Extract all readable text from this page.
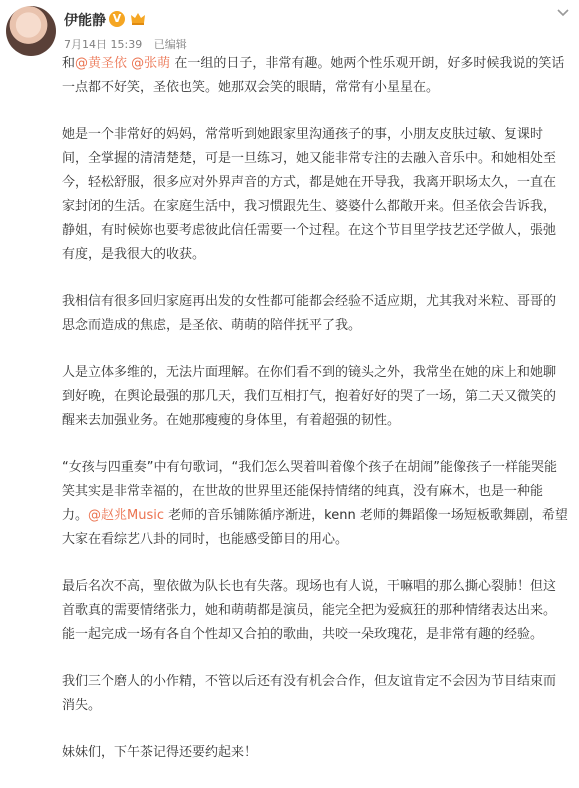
伊能静 V
7月14日 15:39 已编辑

和@黄圣依 @张萌 在一组的日子，非常有趣。她两个性乐观开朗，好多时候我说的笑话一点都不好笑，圣依也笑。她那双会笑的眼睛，常常有小星星在。

她是一个非常好的妈妈，常常听到她跟家里沟通孩子的事，小朋友皮肤过敏、复课时间，全掌握的清清楚楚，可是一旦练习，她又能非常专注的去融入音乐中。和她相处至今，轻松舒服，很多应对外界声音的方式，都是她在开导我，我离开职场太久，一直在家封闭的生活。在家庭生活中，我习惯跟先生、婆婆什么都敞开来。但圣依会告诉我，静姐，有时候妳也要考虑彼此信任需要一个过程。在这个节目里学技艺还学做人，張弛有度，是我很大的收获。

我相信有很多回归家庭再出发的女性都可能都会经验不适应期，尤其我对米粒、哥哥的思念而造成的焦虑，是圣依、萌萌的陪伴抚平了我。

人是立体多维的，无法片面理解。在你们看不到的镜头之外，我常坐在她的床上和她聊到好晚，在舆论最强的那几天，我们互相打气，抱着好好的哭了一场，第二天又微笑的醒来去加强业务。在她那瘦瘦的身体里，有着超强的韧性。

“女孩与四重奏”中有句歌词，“我们怎么哭着叫着像个孩子在胡闹”能像孩子一样能哭能笑其实是非常幸福的，在世故的世界里还能保持情绪的纯真，没有麻木，也是一种能力。@赵兆Music 老师的音乐铺陈循序渐进，kenn 老师的舞蹈像一场短板歌舞剧，希望大家在看综艺八卦的同时，也能感受節目的用心。

最后名次不高，聖依做为队长也有失落。现场也有人说，干嘛唱的那么撕心裂肺！但这首歌真的需要情绪张力，她和萌萌都是演员，能完全把为爱疯狂的那种情绪表达出来。能一起完成一场有各自个性却又合拍的歌曲，共咬一朵玫瑰花，是非常有趣的经验。

我们三个磨人的小作精，不管以后还有没有机会合作，但友谊肯定不会因为节目结束而消失。

妹妹们，下午茶记得还要约起来！
